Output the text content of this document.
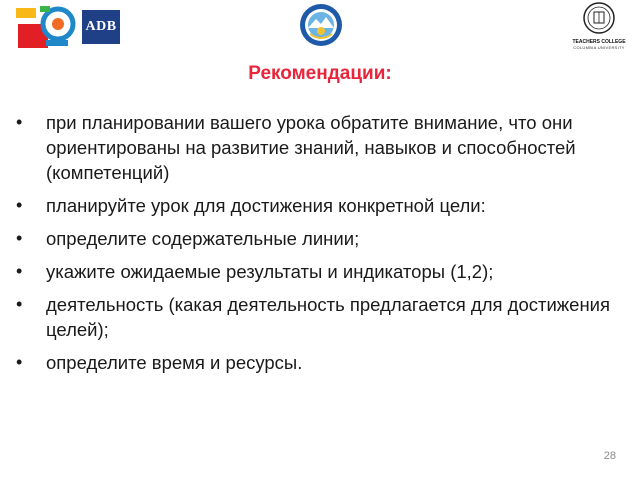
ADB
TEACHERS COLLEGE
COLUMBIA UNIVERSITY
Рекомендации:
•	при планировании вашего урока обратите внимание, что они ориентированы на развитие знаний, навыков и способностей (компетенций)
•	планируйте урок для достижения конкретной цели:
•	определите содержательные линии;
•	укажите ожидаемые результаты и индикаторы (1,2);
•	деятельность (какая деятельность предлагается для достижения целей);
•	определите время и ресурсы.
28
